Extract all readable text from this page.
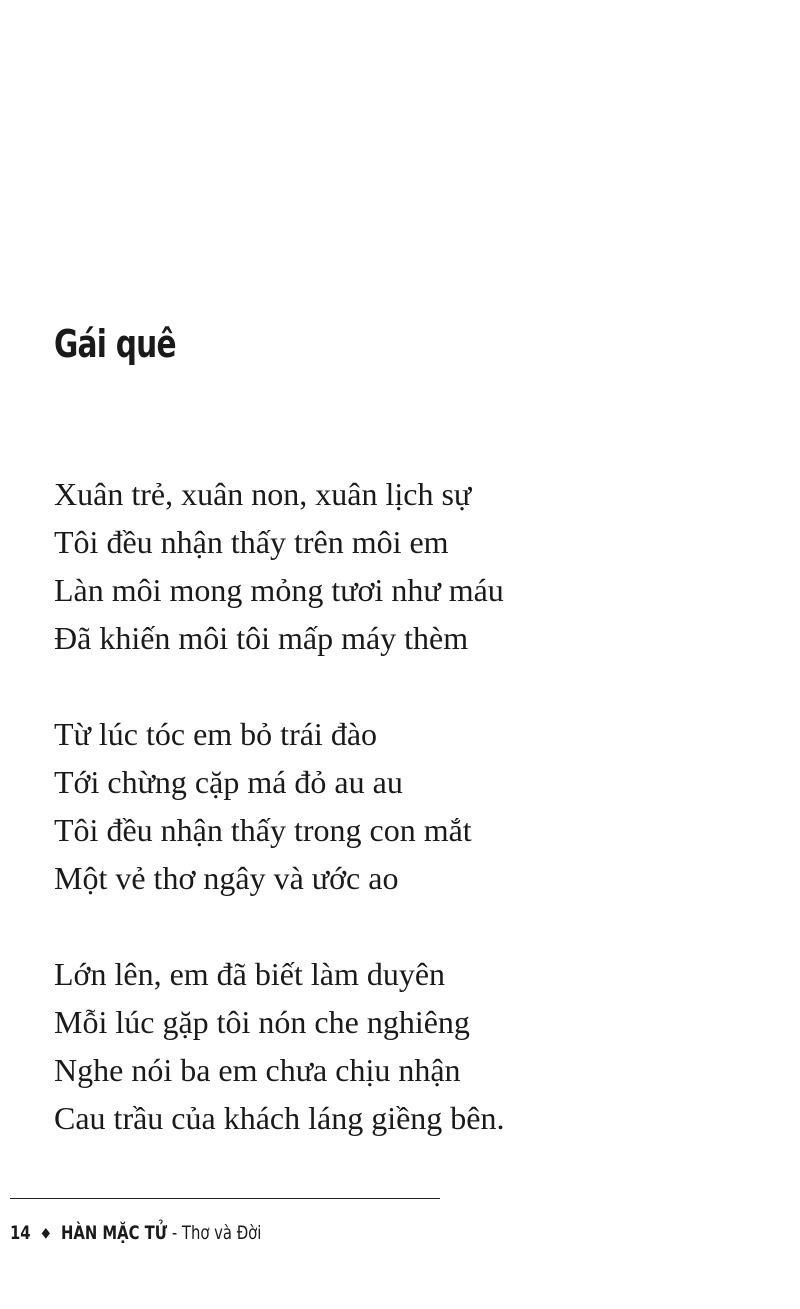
Gái quê
Xuân trẻ, xuân non, xuân lịch sự
Tôi đều nhận thấy trên môi em
Làn môi mong mỏng tươi như máu
Đã khiến môi tôi mấp máy thèm
Từ lúc tóc em bỏ trái đào
Tới chừng cặp má đỏ au au
Tôi đều nhận thấy trong con mắt
Một vẻ thơ ngây và ước ao
Lớn lên, em đã biết làm duyên
Mỗi lúc gặp tôi nón che nghiêng
Nghe nói ba em chưa chịu nhận
Cau trầu của khách láng giềng bên.
14 ◆ HÀN MẶC TỬ - Thơ và Đời
